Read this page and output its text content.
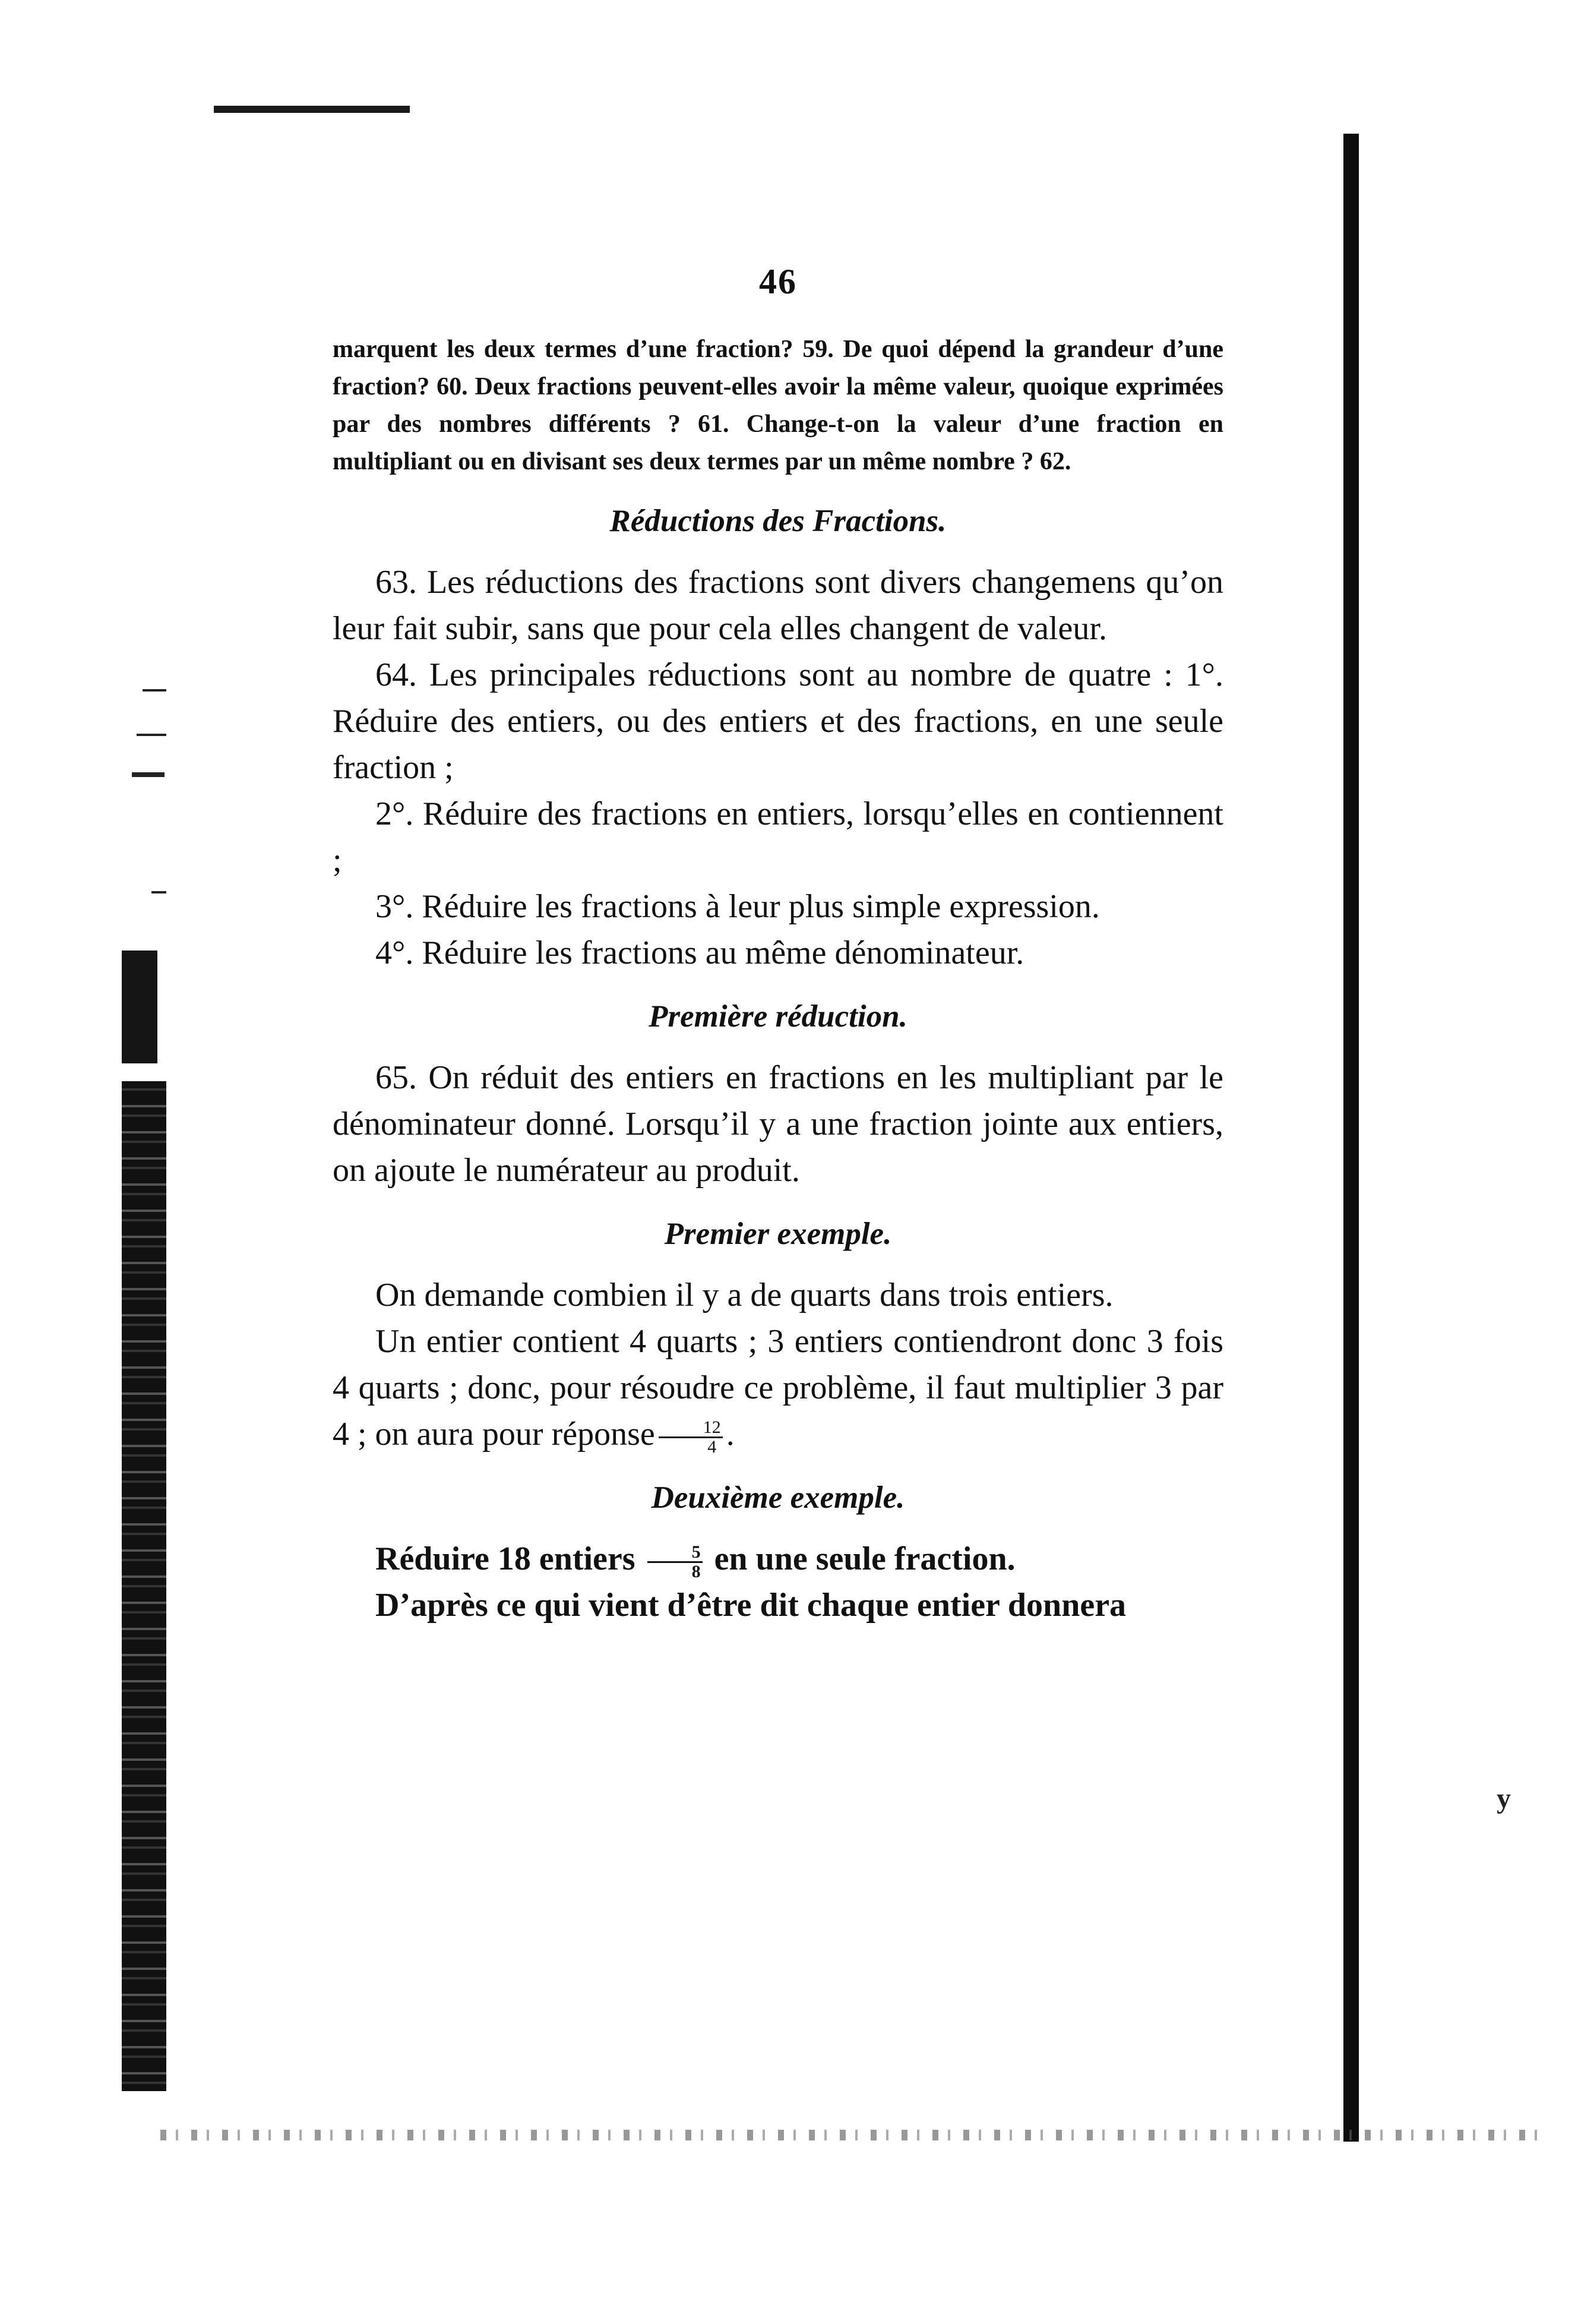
y
46

marquent les deux termes d’une fraction? 59. De quoi dépend la grandeur d’une fraction? 60. Deux fractions peuvent-elles avoir la même valeur, quoique exprimées par des nombres différents ? 61. Change-t-on la valeur d’une fraction en multipliant ou en divisant ses deux termes par un même nombre ? 62.

Réductions des Fractions.

63. Les réductions des fractions sont divers changemens qu’on leur fait subir, sans que pour cela elles changent de valeur.

64. Les principales réductions sont au nombre de quatre : 1°. Réduire des entiers, ou des entiers et des fractions, en une seule fraction ;

2°. Réduire des fractions en entiers, lorsqu’elles en contiennent ;

3°. Réduire les fractions à leur plus simple expression.

4°. Réduire les fractions au même dénominateur.

Première réduction.

65. On réduit des entiers en fractions en les multipliant par le dénominateur donné. Lorsqu’il y a une fraction jointe aux entiers, on ajoute le numérateur au produit.

Premier exemple.

On demande combien il y a de quarts dans trois entiers.

Un entier contient 4 quarts ; 3 entiers contiendront donc 3 fois 4 quarts ; donc, pour résoudre ce problème, il faut multiplier 3 par 4 ; on aura pour réponse $\frac{12}{4}$ .

Deuxième exemple.

Réduire 18 entiers $\frac{5}{8}$ en une seule fraction.

D’après ce qui vient d’être dit chaque entier donnera
